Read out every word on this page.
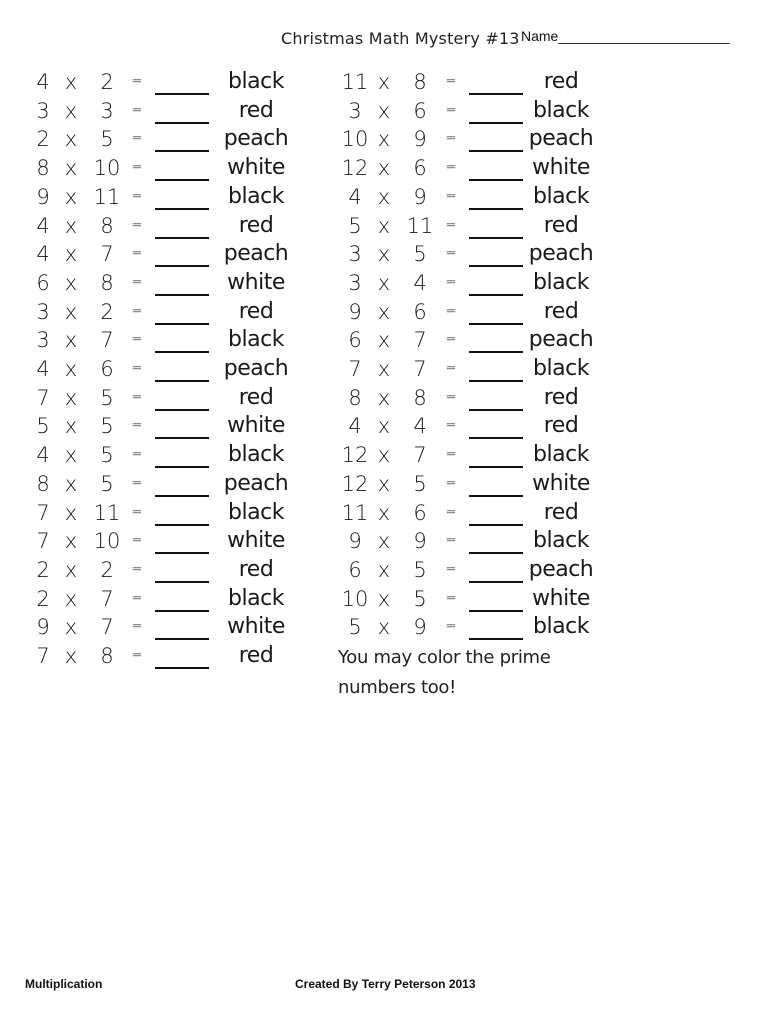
Christmas Math Mystery #13 Name______________________
4 x 2 =	black
3 x 3 =	red
2 x 5 =	peach
8 x 10 =	white
9 x 11 =	black
4 x 8 =	red
4 x 7 =	peach
6 x 8 =	white
3 x 2 =	red
3 x 7 =	black
4 x 6 =	peach
7 x 5 =	red
5 x 5 =	white
4 x 5 =	black
8 x 5 =	peach
7 x 11 =	black
7 x 10 =	white
2 x 2 =	red
2 x 7 =	black
9 x 7 =	white
7 x 8 =	red
11 x 8 =	red
3 x 6 =	black
10 x 9 =	peach
12 x 6 =	white
4 x 9 =	black
5 x 11 =	red
3 x 5 =	peach
3 x 4 =	black
9 x 6 =	red
6 x 7 =	peach
7 x 7 =	black
8 x 8 =	red
4 x 4 =	red
12 x 7 =	black
12 x 5 =	white
11 x 6 =	red
9 x 9 =	black
6 x 5 =	peach
10 x 5 =	white
5 x 9 =	black
You may color the prime
numbers too!
Multiplication	Created By Terry Peterson 2013
